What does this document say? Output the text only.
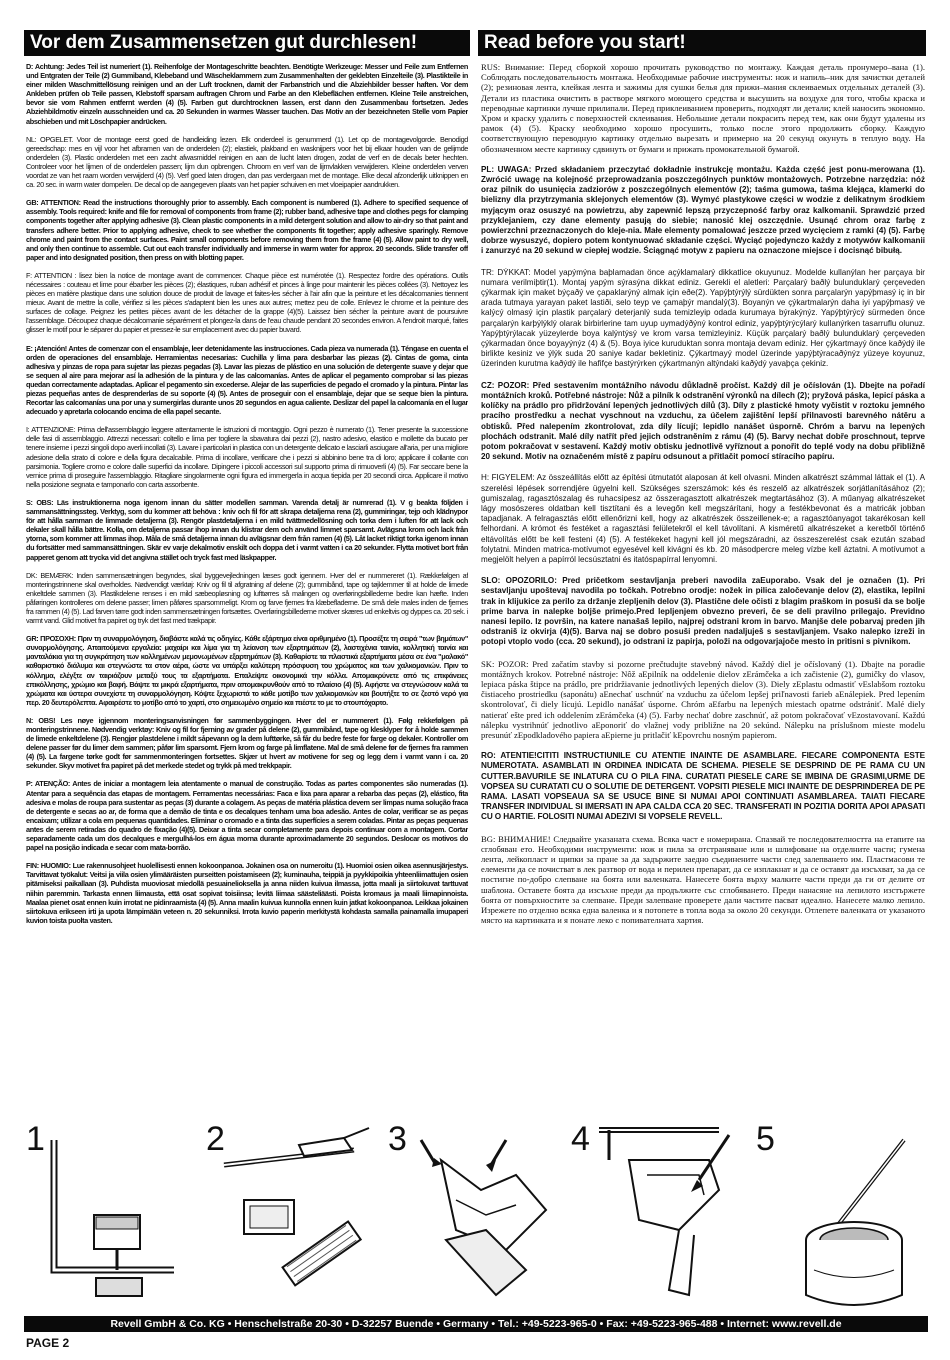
Vor dem Zusammensetzen gut durchlesen!	Read before you start!

D: Achtung: Jedes Teil ist numeriert (1). Reihenfolge der Montageschritte beachten. Benötigte Werkzeuge: Messer und Feile zum Entfernen und Entgraten der Teile (2) Gummiband, Klebeband und Wäscheklammern zum Zusammenhalten der geklebten Einzelteile (3). Plastikteile in einer milden Waschmittellösung reinigen und an der Luft trocknen, damit der Farbanstrich und die Abziehbilder besser haften. Vor dem Ankleben prüfen ob Teile passen, Klebstoff sparsam auftragen Chrom und Farbe an den Klebeflächen entfernen. Kleine Teile anstreichen, bevor sie vom Rahmen entfernt werden (4) (5). Farben gut durchtrocknen lassen, erst dann den Zusammenbau fortsetzen. Jedes Abziehbildmotiv einzeln ausschneiden und ca. 20 Sekunden in warmes Wasser tauchen. Das Motiv an der bezeichneten Stelle vom Papier abschieben und mit Löschpapier andrücken.

NL: OPGELET. Voor de montage eerst goed de handleiding lezen. Elk onderdeel is genummerd (1). Let op de montagevolgorde. Benodigd gereedschap: mes en vijl voor het afbramen van de onderdelen (2); elastiek, plakband en wasknijpers voor het bij elkaar houden van de gelijmde onderdelen (3). Plastic onderdelen met een zacht afwasmiddel reinigen en aan de lucht laten drogen, zodat de verf en de decals beter hechten. Controleer voor het lijmen of de onderdelen passen; lijm dun opbrengen. Chroom en verf van de lijmvlakken verwijderen. Kleine onderdelen verven voordat ze van het raam worden verwijderd (4) (5). Verf goed laten drogen, dan pas verdergaan met de montage. Elke decal afzonderlijk uitknippen en ca. 20 sec. in warm water dompelen. De decal op de aangegeven plaats van het papier schuiven en met vloeipapier aandrukken.

GB: ATTENTION: Read the instructions thoroughly prior to assembly. Each component is numbered (1). Adhere to specified sequence of assembly. Tools required: knife and file for removal of components from frame (2); rubber band, adhesive tape and clothes pegs for clamping components together after applying adhesive (3). Clean plastic components in a mild detergent solution and allow to air-dry so that paint and transfers adhere better. Prior to applying adhesive, check to see whether the components fit together; apply adhesive sparingly. Remove chrome and paint from the contact surfaces. Paint small components before removing them from the frame (4) (5). Allow paint to dry well, and only then continue to assemble. Cut out each transfer individually and immerse in warm water for approx. 20 seconds. Slide transfer off paper and into designated position, then press on with blotting paper.

F: ATTENTION : lisez bien la notice de montage avant de commencer. Chaque pièce est numérotée (1). Respectez l'ordre des opérations. Outils nécessaires : couteau et lime pour ébarber les pièces (2); élastiques, ruban adhésif et pinces à linge pour maintenir les pièces collées (3). Nettoyez les pièces en matière plastique dans une solution douce de produit de lavage et faites-les sécher à l'air afin que la peinture et les décalcomanies tiennent mieux. Avant de mettre la colle, vérifiez si les pièces s'adaptent bien les unes aux autres; mettez peu de colle. Enlevez le chrome et la peinture des surfaces de collage. Peignez les petites pièces avant de les détacher de la grappe (4)(5). Laissez bien sécher la peinture avant de poursuivre l'assemblage. Découpez chaque décalcomanie séparément et plongez-la dans de l'eau chaude pendant 20 secondes environ. A l'endroit marqué, faites glisser le motif pour le séparer du papier et pressez-le sur emplacement avec du papier buvard.

E: ¡Atención! Antes de comenzar con el ensamblaje, leer detenidamente las instrucciones. Cada pieza va numerada (1). Téngase en cuenta el orden de operaciones del ensamblaje. Herramientas necesarias: Cuchilla y lima para desbarbar las piezas (2). Cintas de goma, cinta adhesiva y pinzas de ropa para sujetar las piezas pegadas (3). Lavar las piezas de plástico en una solución de detergente suave y dejar que se sequen al aire para mejorar así la adhesión de la pintura y de las calcomanías. Antes de aplicar el pegamento comprobar si las piezas quedan correctamente adaptadas. Aplicar el pegamento sin excederse. Alejar de las superficies de pegado el cromado y la pintura. Pintar las piezas pequeñas antes de desprenderlas de su soporte (4) (5). Antes de proseguir con el ensamblaje, dejar que se seque bien la pintura. Recortar las calcomanías una por una y sumergirlas durante unos 20 segundos en agua caliente. Deslizar del papel la calcomanía en el lugar adecuado y apretarla colocando encima de ella papel secante.

I: ATTENZIONE: Prima dell'assemblaggio leggere attentamente le istruzioni di montaggio. Ogni pezzo è numerato (1). Tener presente la successione delle fasi di assemblaggio. Attrezzi necessari: coltello e lima per togliere la sbavatura dai pezzi (2), nastro adesivo, elastico e mollette da bucato per tenere insieme i pezzi singoli dopo averli incollati (3). Lavare i particolari in plastica con un detergente delicato e lasciarli asciugare all'aria, per una migliore adesione della strato di colore e della figura decalcabile. Prima di incollare, verificare che i pezzi si abbinino bene tra di loro; applicare il collante con parsimonia. Togliere cromo e colore dalle superfici da incollare. Dipingere i piccoli accessori sul supporto prima di rimuoverli (4) (5). Far seccare bene la vernice prima di proseguire l'assemblaggio. Ritagliare singolarmente ogni figura ed immergerla in acqua tiepida per 20 secondi circa. Applicare il motivo nella posizione segnata e tamponarlo con carta assorbente.

S: OBS: Läs instruktionerna noga igenom innan du sätter modellen samman. Varenda detalj är numrerad (1). V g beakta följden i sammansättningssteg. Verktyg, som du kommer att behöva : kniv och fil för att skrapa detaljerna rena (2), gummiringar, tejp och klädnypor för att hålla samman de limmade detaljerna (3). Rengör plastdetaljerna i en mild tvättmedellösning och torka dem i luften för att lack och dekaler skall hålla bättre. Kolla, om detaljerna passar ihop innan du klistrar dem och använd limmet sparsamt. Avlägsna krom och lack från ytorna, som kommer att limmas ihop. Måla de små detaljerna innan du avlägsnar dem från ramen (4) (5). Låt lacket riktigt torka igenom innan du fortsätter med sammansättningen. Skär ev varje dekalmotiv enskilt och doppa det i varmt vatten i ca 20 sekunder. Flytta motivet bort från papperet genom att trycka vid det angivna stället och tryck fast med läskpapper.

DK: BEMÆRK: Inden sammensætningen begyndes, skal byggevejledningen læses godt igennem. Hver del er nummereret (1). Rækkefølgen af monteringstrinnene skal overholdes. Nødvendigt værktøj: Kniv og fil til afgratning af delene (2); gummibånd, tape og tøjklemmer til at holde de limede enkeltdele sammen (3). Plastikdelene renses i en mild sæbeopløsning og lufttørres så malingen og overføringsbillederne bedre kan hæfte. Inden påføringen kontrolleres om delene passer; limen påføres sparsommeligt. Krom og farve fjernes fra klæbefladerne. De små dele males inden de fjernes fra rammen (4) (5). Lad farven tørre godt inden sammensætningen fortsættes. Overføringsbillederne motiver skæres ud enkeltvis og dyppes ca. 20 sek. i varmt vand. Glid motivet fra papiret og tryk det fast med trækpapir.

GR: ΠΡΟΣΟΧΗ: Πριν τη συναρμολόγηση, διαβάστε καλά τις οδηγίες. Κάθε εξάρτημα είναι αριθμημένο (1). Προσέξτε τη σειρά "των βημάτων" συναρμολόγησης. Απαιτούμενα εργαλεία: μαχαίρι και λίμα για τη λείανση των εξαρτημάτων (2), λαστιχένια ταινία, κολλητική ταινία και μανταλάκια για τη συγκράτηση των κολλημένων μεμονωμένων εξαρτημάτων (3). Καθαρίστε τα πλαστικά εξαρτήματα μέσα σε ένα "μαλακό" καθαριστικό διάλυμα και στεγνώστε τα στον αέρα, ώστε να υπάρξει καλύτερη πρόσφυση του χρώματος και των χαλκομανιών. Πριν το κόλλημα, ελέγξτε αν ταιριάζουν μεταξύ τους τα εξαρτήματα. Επαλείψτε οικονομικά την κόλλα. Απομακρύνετε από τις επιφάνειες επικόλλησης, χρώμιο και βαφή. Βάψτε τα μικρά εξαρτήματα, πριν απομακρυνθούν από το πλαίσιο (4) (5). Αφήστε να στεγνώσουν καλά τα χρώματα και ύστερα συνεχίστε τη συναρμολόγηση. Κόψτε ξεχωριστά το κάθε μοτίβο των χαλκομανιών και βουτήξτε το σε ζεστό νερό για περ. 20 δευτερόλεπτα. Αφαιρέστε το μοτίβο από το χαρτί, στο σημειωμένο σημείο και πιέστε το με το στουπόχαρτο.

N: OBS! Les nøye igjennom monteringsanvisningen før sammenbyggingen. Hver del er nummerert (1). Følg rekkefølgen på monteringstrinnene. Nødvendig verktøy: Kniv og fil for fjerning av grader på delene (2), gummibånd, tape og klesklyper for å holde sammen de limede enkeltdelene (3). Rengjør plastdelene i mildt såpevann og la dem lufttørke, så får du bedre feste for farge og dekaler. Kontroller om delene passer før du limer dem sammen; påfør lim sparsomt. Fjern krom og farge på limflatene. Mal de små delene før de fjernes fra rammen (4) (5). La fargene tørke godt før sammenmonteringen fortsettes. Skjær ut hvert av motivene for seg og legg dem i varmt vann i ca. 20 sekunder. Skyv motivet fra papiret på det merkede stedet og trykk på med trekkpapir.

P: ATENÇÃO: Antes de iniciar a montagem leia atentamente o manual de construção. Todas as partes componentes são numeradas (1). Atentar para a sequência das etapas de montagem. Ferramentas necessárias: Faca e lixa para aparar a rebarba das peças (2), elástico, fita adesiva e molas de roupa para sustentar as peças (3) durante a colagem. As peças de matéria plástica devem ser limpas numa solução fraca de detergente e secas ao ar, de forma que a demão de tinta e os decalques tenham uma boa adesão. Antes de colar, verificar se as peças encaixam; utilizar a cola em pequenas quantidades. Eliminar o cromado e a tinta das superfícies a serem coladas. Pintar as peças pequenas antes de serem retiradas do quadro de fixação (4)(5). Deixar a tinta secar completamente para depois continuar com a montagem. Cortar separadamente cada um dos decalques e mergulhá-los em água morna durante aproximadamente 20 segundos. Deslocar os motivos do papel na posição indicada e secar com mata-borrão.

FIN: HUOMIO: Lue rakennusohjeet huolellisesti ennen kokoonpanoa. Jokainen osa on numeroitu (1). Huomioi osien oikea asennusjärjestys. Tarvittavat työkalut: Veitsi ja viila osien ylimääräisten purseitten poistamiseen (2); kuminauha, teippiä ja pyykkipoikia yhteenliimattujen osien pitämiseksi paikallaan (3). Puhdista muoviosat miedollä pesuainelioksella ja anna niiden kuivua ilmassa, jotta maali ja siirtokuvat tarttuvat niihin paremmin. Tarkasta ennen liimausta, että osat sopivat toisiinsa; levitä liimaa säästeliäästi. Poista kromaus ja maali liimapinnoista. Maalaa pienet osat ennen kuin irrotat ne pidinraamista (4) (5). Anna maalin kuivua kunnolla ennen kuin jatkat kokoonpanoa. Leikkaa jokainen siirtokuva erikseen irti ja upota lämpimään veteen n. 20 sekunniksi. Irrota kuvio paperin merkitystä kohdasta samalla painamalla imupaperi kuvion toista puolta vasten.

RUS: Внимание: Перед сборкой хорошо прочитать руководство по монтажу. Каждая деталь пронумеро–вана (1). Соблюдать последовательность монтажа. Необходимые рабочие инструменты: нож и напиль–ник для зачистки деталей (2); резиновая лента, клейкая лента и зажимы для сушки белья для прижи–мания склеиваемых отдельных деталей (3). Детали из пластика очистить в растворе мягкого моющего средства и высушить на воздухе для того, чтобы краска и переводные картинки лучше прилипали. Перед приклеиванием проверить, подходят ли детали; клей наносить экономно. Хром и краску удалить с поверхностей склеивания. Небольшие детали покрасить перед тем, как они будут удалены из рамок (4) (5). Краску необходимо хорошо просушить, только после этого продолжить сборку. Каждую соответствующую переводную картинку отдельно вырезать и примерно на 20 секунд окунуть в теплую воду. На обозначенном месте картинку сдвинуть от бумаги и прижать промокательной бумагой.

PL: UWAGA: Przed składaniem przeczytać dokładnie instrukcję montażu. Każda część jest ponu-merowana (1). Zwrócić uwagę na kolejność przeprowadzania poszczególnych punktów montażowych. Potrzebne narzędzia: nóż oraz pilnik do usunięcia zadziorów z poszczególnych elementów (2); taśma gumowa, taśma klejąca, klamerki do bielizny dla przytrzymania sklejonych elementów (3). Wymyć plastykowe części w wodzie z delikatnym środkiem myjącym oraz osuszyć na powietrzu, aby zapewnić lepszą przyczepność farby oraz kalkomanii. Sprawdzić przed przyklejaniem, czy dane elementy pasują do siebie; nanosić klej oszczędnie. Usunąć chrom oraz farbę z powierzchni przeznaczonych do kleje-nia. Małe elementy pomalować jeszcze przed wycięciem z ramki (4) (5). Farbę dobrze wysuszyć, dopiero potem kontynuować składanie części. Wyciąć pojedynczo każdy z motywów kalkomanii i zanurzyć na 20 sekund w ciepłej wodzie. Ściągnąć motyw z papieru na oznaczone miejsce i docisnąć bibułą.

TR: DÝKKAT: Model yapýmýna baþlamadan önce açýklamalarý dikkatlice okuyunuz. Modelde kullanýlan her parçaya bir numara verilmiþtir(1). Montaj yapým sýrasýna dikkat ediniz. Gerekli el aletleri: Parçalarý baðlý bulunduklarý çerçeveden çýkarmak için maket býçaðý ve çapaklarýný almak için eðe(2). Yapýþtýrýlý sürdükten sonra parçalarýn yapýþmasý iç in bir arada tutmaya yarayan paket lastiði, selo teyp ve çamaþýr mandalý(3). Boyanýn ve çýkartmalarýn daha iyi yapýþmasý ve kalýcý olmasý için plastik parçalarý deterjanlý suda temizleyip odada kurumaya býrakýnýz. Yapýþtýrýcý sürmeden önce parçalarýn karþýlýklý olarak birbirlerine tam uyup uymadýðýný kontrol ediniz, yapýþtýrýcýlarý kullanýrken tasarruflu olunuz. Yapýþtýrýlacak yüzeylerde boya kalýntýsý ve krom varsa temizleyiniz. Küçük parçalarý baðlý bulunduklarý çerçeveden çýkarmadan önce boyayýnýz (4) & (5). Boya iyice kuruduktan sonra montaja devam ediniz. Her çýkartmayý önce kaðýdý ile birlikte kesiniz ve ýlýk suda 20 saniye kadar bekletiniz. Çýkartmayý model üzerinde yapýþtýracaðýnýz yüzeye koyunuz, üzerinden kurutma kaðýdý ile hafifçe bastýrýrken çýkartmanýn altýndaki kaðýdý yavaþça çekiniz.

CZ: POZOR: Před sestavením montážního návodu důkladně pročíst. Každý díl je očíslován (1). Dbejte na pořadí montážních kroků. Potřebné nástroje: Nůž a pilník k odstranění výronků na dílech (2); pryžová páska, lepicí páska a kolíčky na prádlo pro přidržování lepených jednotlivých dílů (3). Díly z plastické hmoty vyčistit v roztoku jemného pracího prostředku a nechat vyschnout na vzduchu, za účelem zajištění lepší přilnavosti barevného nátěru a obtisků. Před nalepením zkontrolovat, zda díly lícují; lepidlo nanášet úsporně. Chróm a barvu na lepených plochách odstranit. Malé díly natřít před jejich odstraněním z rámu (4) (5). Barvy nechat dobře proschnout, teprve potom pokračovat v sestavení. Každý motiv obtisku jednotlivě vyříznout a ponořit do teplé vody na dobu přibližně 20 sekund. Motiv na označeném místě z papíru odsunout a přitlačit pomocí stíracího papíru.

H: FIGYELEM: Az összeállítás előtt az építési útmutatót alaposan át kell olvasni. Minden alkatrészt számmal láttak el (1). A szerelési lépések sorrendjére ügyelni kell. Szükséges szerszámok: kés és reszelő az alkatrészek sorjátlanításához (2); gumiszalag, ragasztószalag és ruhacsipesz az összeragasztott alkatrészek megtartásához (3). A műanyag alkatrészeket lágy mosószeres oldatban kell tisztítani és a levegőn kell megszárítani, hogy a festékbevonat és a matricák jobban tapadjanak. A felragasztás előtt ellenőrizni kell, hogy az alkatrészek összeillenek-e; a ragasztóanyagot takarékosan kell felhordani. A krómot és festéket a ragasztási felületekről el kell távolítani. A kisméretű alkatrészeket a keretből történő eltávolítás előtt be kell festeni (4) (5). A festékeket hagyni kell jól megszáradni, az összeszerelést csak ezután szabad folytatni. Minden matrica-motívumot egyesével kell kivágni és kb. 20 másodpercre meleg vízbe kell áztatni. A motívumot a megjelölt helyen a papírról lecsúsztatni és itatóspapírral lenyomni.

SLO: OPOZORILO: Pred pričetkom sestavljanja preberi navodila zaЕuporabo. Vsak del je označen (1). Pri sestavljanju upoštevaj navodila po točkah. Potrebno orodje: nožek in pilica zaločevanje delov (2), elastika, lepilni trak in klijukice za perilo za držanje zlepljenih delov (3). Plastične dele očisti z blagim praškom in posuši da se bolje prime barva in nalepke boljše primejo.Pred lepljenjem obvezno preveri, če se deli pravilno prilegajo. Previdno nanesi lepilo. Iz površin, na katere nanašaš lepilo, najprej odstrani krom in barvo. Manjše dele pobarvaj preden jih odstraniš iz okvirja (4)(5). Barva naj se dobro posuši preden nadaljuješ s sestavljanjem. Vsako nalepko izreži in potopi vtoplo vodo (cca. 20 sekund), jo odstrani iz papirja, položi na odgovarjajoče mesto in pritisni s pivnikom.

SK: POZOR: Pred začatím stavby si pozorne prečtudujte stavebný návod. Každý diel je očíslovaný (1). Dbajte na poradie montážnych krokov. Potrebné nástroje: Nôž aЕpilník na oddelenie dielov zЕrámčeka a ich začistenie (2), gumičky do vlasov, lepiaca páska štipce na prádlo, pre pridržiavanie jednotlivých lepených dielov (3). Diely zЕplastu odmastiť vЕslabšom roztoku čistiaceho prostriedku (saponátu) aЕnechať uschnúť na vzduchu za účelom lepšej priľnavosti farieb aЕnálepiek. Pred lepením skontrolovať, či diely lícujú. Lepidlo nanášať úsporne. Chróm aЕfarbu na lepených miestach opatrne odstrániť. Malé diely natierať ešte pred ich oddelením zЕrámčeka (4) (5). Farby nechať dobre zaschnúť, až potom pokračovať vЕzostavovaní. Každú nálepku vystrihnúť jednotlivo aЕponoriť do vlažnej vody približne na 20 sekúnd. Nálepku na príslušnom mieste modelu presunúť zЕpodkladového papiera aЕpierne ju pritlačiť kЕpovrchu nosným papierom.

RO: ATENTIE!CITITI INSTRUCTIUNILE CU ATENTIE INAINTE DE ASAMBLARE. FIECARE COMPONENTA ESTE NUMEROTATA. ASAMBLATI IN ORDINEA INDICATA DE SCHEMA. PIESELE SE DESPRIND DE PE RAMA CU UN CUTTER.BAVURILE SE INLATURA CU O PILA FINA. CURATATI PIESELE CARE SE IMBINA DE GRASIMI,URME DE VOPSEA SU CURATATI CU O SOLUTIE DE DETERGENT. VOPSITI PIESELE MICI INAINTE DE DESPRINDEREA DE PE RAMA. LASATI VOPSEAUA SA SE USUCE BINE SI NUMAI APOI CONTINUATI ASAMBLAREA. TAIATI FIECARE TRANSFER INDIVIDUAL SI IMERSATI IN APA CALDA CCA 20 SEC. TRANSFERATI IN POZITIA DORITA APOI APASATI CU O HARTIE. FOLOSITI NUMAI ADEZIVI SI VOPSELE REVELL.

BG: ВНИМАНИЕ! Следвайте указаната схема. Всяка част е номерирана. Спазвай те последователността на етапите на сглобяван ето. Необходими инструменти: нож и пила за отстраняване или и шлифоване на отделните части; гумена лента, лейкопласт и щипки за пране за да задържите заедно съединените части след залепването им. Пластмасови те елементи да се почистват в лек разтвор от вода и перилен препарат, да се изплакнат и да се оставят да изсъхват, за да се постигне по-добро слепване на боята или валенката. Нанесете боята върху малките части преди да ги от делите от шаблона. Оставете боята да изсъхне преди да продължите със сглобяването. Преди нанасяне на лепилото изстържете боята от повърхностите за слепване. Преди залепване проверете дали частите пасват идеално. Нанесете малко лепило. Изрежете по отделно всяка една валенка и я потопете в топла вода за около 20 секунди. Отлепете валенката от указаното място на картинката и я понате леко с попивателната хартия.

1	2	3	4	5
Revell GmbH & Co. KG • Henschelstraße 20-30 • D-32257 Buende • Germany • Tel.: +49-5223-965-0 • Fax: +49-5223-965-488 • Internet: www.revell.de
PAGE 2
